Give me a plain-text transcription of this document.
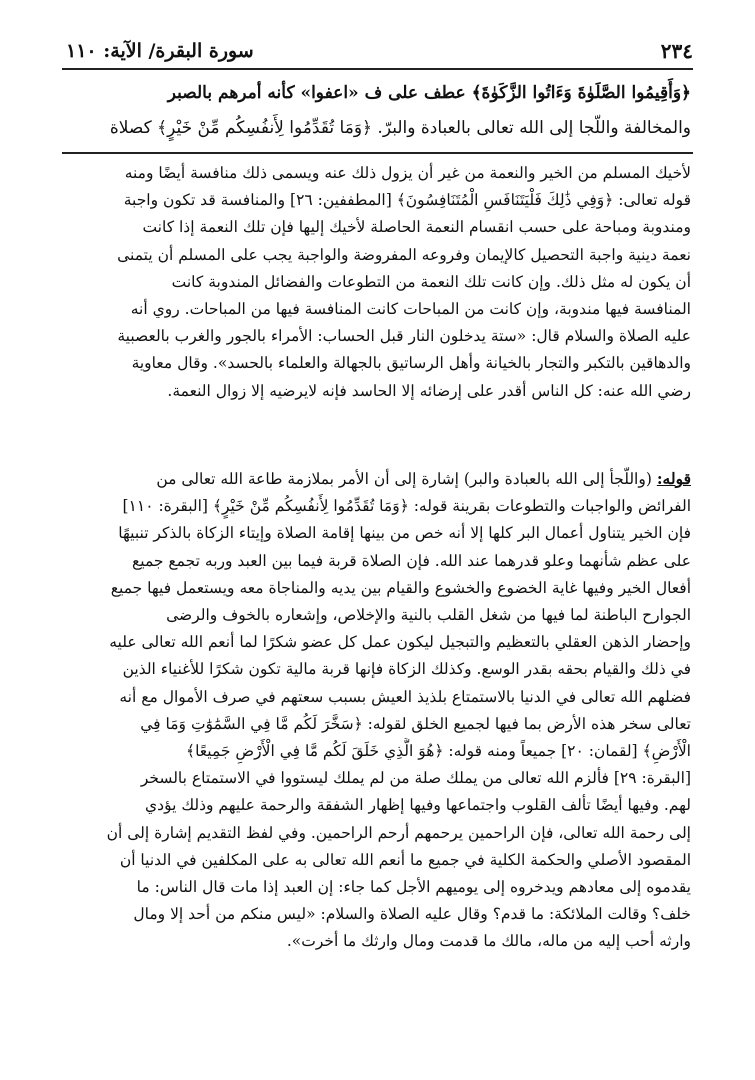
٢٣٤
سورة البقرة/ الآية: ١١٠
﴿وَأَقِيمُوا الصَّلَوٰةَ وَءَاتُوا الزَّكَوٰةَ﴾ عطف على ف «اعفوا» كأنه أمرهم بالصبر
والمخالفة واللّجا إلى الله تعالى بالعبادة والبرّ. ﴿وَمَا تُقَدِّمُوا لِأَنفُسِكُم مِّنْ خَيْرٍ﴾ كصلاة
لأخيك المسلم من الخير والنعمة من غير أن يزول ذلك عنه ويسمى ذلك منافسة أيضًا ومنه
قوله تعالى: ﴿وَفِي ذَٰلِكَ فَلْيَتَنَافَسِ الْمُتَنَافِسُونَ﴾ [المطففين: ٢٦] والمنافسة قد تكون واجبة
ومندوبة ومباحة على حسب انقسام النعمة الحاصلة لأخيك إليها فإن تلك النعمة إذا كانت
نعمة دينية واجبة التحصيل كالإيمان وفروعه المفروضة والواجبة يجب على المسلم أن يتمنى
أن يكون له مثل ذلك. وإن كانت تلك النعمة من التطوعات والفضائل المندوبة كانت
المنافسة فيها مندوبة، وإن كانت من المباحات كانت المنافسة فيها من المباحات. روي أنه
عليه الصلاة والسلام قال: «ستة يدخلون النار قبل الحساب: الأمراء بالجور والغرب بالعصبية
والدهاقين بالتكبر والتجار بالخيانة وأهل الرساتيق بالجهالة والعلماء بالحسد». وقال معاوية
رضي الله عنه: كل الناس أقدر على إرضائه إلا الحاسد فإنه لايرضيه إلا زوال النعمة.
قوله: (واللّجأ إلى الله بالعبادة والبر) إشارة إلى أن الأمر بملازمة طاعة الله تعالى من
الفرائض والواجبات والتطوعات بقرينة قوله: ﴿وَمَا تُقَدِّمُوا لِأَنفُسِكُم مِّنْ خَيْرٍ﴾ [البقرة: ١١٠]
فإن الخير يتناول أعمال البر كلها إلا أنه خص من بينها إقامة الصلاة وإيتاء الزكاة بالذكر تنبيهًا
على عظم شأنهما وعلو قدرهما عند الله. فإن الصلاة قربة فيما بين العبد وربه تجمع جميع
أفعال الخير وفيها غاية الخضوع والخشوع والقيام بين يديه والمناجاة معه ويستعمل فيها جميع
الجوارح الباطنة لما فيها من شغل القلب بالنية والإخلاص، وإشعاره بالخوف والرضى
وإحضار الذهن العقلي بالتعظيم والتبجيل ليكون عمل كل عضو شكرًا لما أنعم الله تعالى عليه
في ذلك والقيام بحقه بقدر الوسع. وكذلك الزكاة فإنها قربة مالية تكون شكرًا للأغنياء الذين
فضلهم الله تعالى في الدنيا بالاستمتاع بلذيذ العيش بسبب سعتهم في صرف الأموال مع أنه
تعالى سخر هذه الأرض بما فيها لجميع الخلق لقوله: ﴿سَخَّرَ لَكُم مَّا فِي السَّمَٰوَٰتِ وَمَا فِي
الْأَرْضِ﴾ [لقمان: ٢٠] جميعاً ومنه قوله: ﴿هُوَ الَّذِي خَلَقَ لَكُم مَّا فِي الْأَرْضِ جَمِيعًا﴾
[البقرة: ٢٩] فألزم الله تعالى من يملك صلة من لم يملك ليستووا في الاستمتاع بالسخر
لهم. وفيها أيضًا تألف القلوب واجتماعها وفيها إظهار الشفقة والرحمة عليهم وذلك يؤدي
إلى رحمة الله تعالى، فإن الراحمين يرحمهم أرحم الراحمين. وفي لفظ التقديم إشارة إلى أن
المقصود الأصلي والحكمة الكلية في جميع ما أنعم الله تعالى به على المكلفين في الدنيا أن
يقدموه إلى معادهم ويدخروه إلى يوميهم الأجل كما جاء: إن العبد إذا مات قال الناس: ما
خلف؟ وقالت الملائكة: ما قدم؟ وقال عليه الصلاة والسلام: «ليس منكم من أحد إلا ومال
وارثه أحب إليه من ماله، مالك ما قدمت ومال وارثك ما أخرت».
